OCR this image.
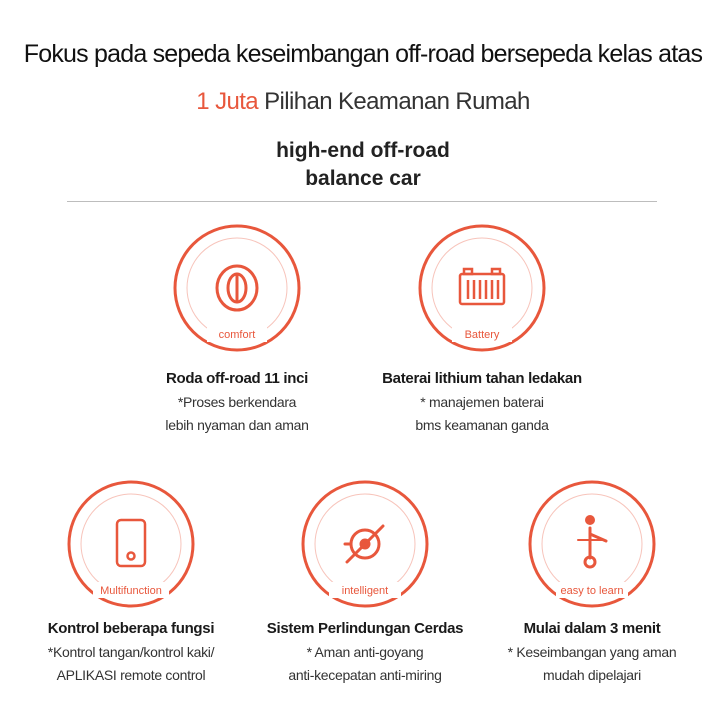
Fokus pada sepeda keseimbangan off-road bersepeda kelas atas
1 Juta Pilihan Keamanan Rumah
high-end off-road
balance car
comfort
Roda off-road 11 inci
*Proses berkendara
lebih nyaman dan aman
Battery
Baterai lithium tahan ledakan
* manajemen baterai
bms keamanan ganda
Multifunction
Kontrol beberapa fungsi
*Kontrol tangan/kontrol kaki/
APLIKASI remote control
intelligent
Sistem Perlindungan Cerdas
* Aman anti-goyang
anti-kecepatan anti-miring
easy to learn
Mulai dalam 3 menit
* Keseimbangan yang aman
mudah dipelajari
